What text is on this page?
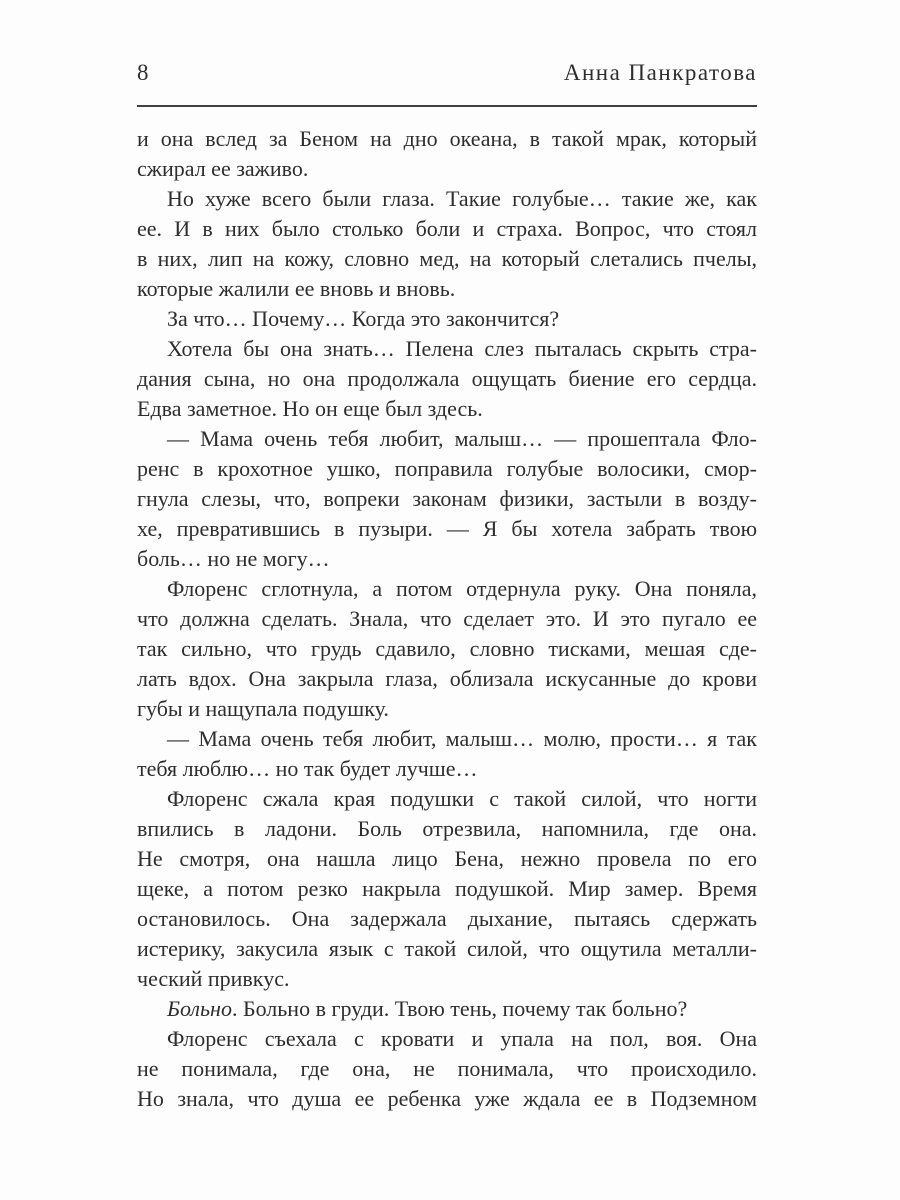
8	Анна Панкратова
и она вслед за Беном на дно океана, в такой мрак, который
сжирал ее заживо.
Но хуже всего были глаза. Такие голубые… такие же, как
ее. И в них было столько боли и страха. Вопрос, что стоял
в них, лип на кожу, словно мед, на который слетались пчелы,
которые жалили ее вновь и вновь.
За что… Почему… Когда это закончится?
Хотела бы она знать… Пелена слез пыталась скрыть стра-
дания сына, но она продолжала ощущать биение его сердца.
Едва заметное. Но он еще был здесь.
— Мама очень тебя любит, малыш… — прошептала Фло-
ренс в крохотное ушко, поправила голубые волосики, смор-
гнула слезы, что, вопреки законам физики, застыли в возду-
хе, превратившись в пузыри. — Я бы хотела забрать твою
боль… но не могу…
Флоренс сглотнула, а потом отдернула руку. Она поняла,
что должна сделать. Знала, что сделает это. И это пугало ее
так сильно, что грудь сдавило, словно тисками, мешая сде-
лать вдох. Она закрыла глаза, облизала искусанные до крови
губы и нащупала подушку.
— Мама очень тебя любит, малыш… молю, прости… я так
тебя люблю… но так будет лучше…
Флоренс сжала края подушки с такой силой, что ногти
впились в ладони. Боль отрезвила, напомнила, где она.
Не смотря, она нашла лицо Бена, нежно провела по его
щеке, а потом резко накрыла подушкой. Мир замер. Время
остановилось. Она задержала дыхание, пытаясь сдержать
истерику, закусила язык с такой силой, что ощутила металли-
ческий привкус.
Больно. Больно в груди. Твою тень, почему так больно?
Флоренс съехала с кровати и упала на пол, воя. Она
не понимала, где она, не понимала, что происходило.
Но знала, что душа ее ребенка уже ждала ее в Подземном
